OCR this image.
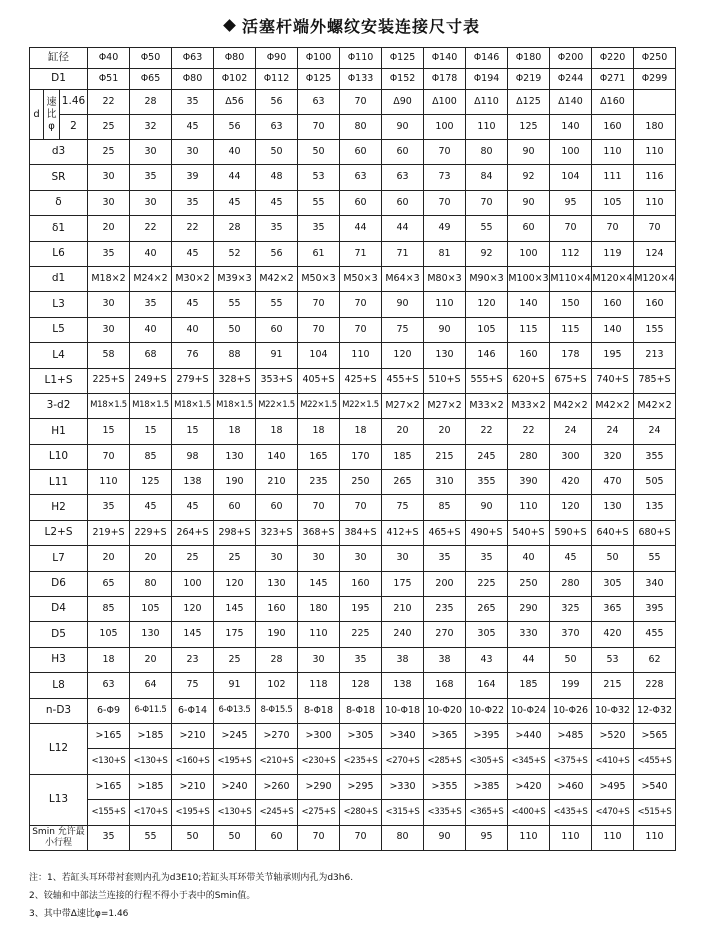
活塞杆端外螺纹安装连接尺寸表
缸径			Φ40	Φ50	Φ63	Φ80	Φ90	Φ100	Φ110	Φ125	Φ140	Φ146	Φ180	Φ200	Φ220	Φ250
D1			Φ51	Φ65	Φ80	Φ102	Φ112	Φ125	Φ133	Φ152	Φ178	Φ194	Φ219	Φ244	Φ271	Φ299
d	速比φ	1.46	22	28	35	Δ56	56	63	70	Δ90	Δ100	Δ110	Δ125	Δ140	Δ160	
		2	25	32	45	56	63	70	80	90	100	110	125	140	160	180
d3			25	30	30	40	50	50	60	60	70	80	90	100	110	110
SR			30	35	39	44	48	53	63	63	73	84	92	104	111	116
δ			30	30	35	45	45	55	60	60	70	70	90	95	105	110
δ1			20	22	22	28	35	35	44	44	49	55	60	70	70	70
L6			35	40	45	52	56	61	71	71	81	92	100	112	119	124
d1			M18×2	M24×2	M30×2	M39×3	M42×2	M50×3	M50×3	M64×3	M80×3	M90×3	M100×3	M110×4	M120×4	M120×4
L3			30	35	45	55	55	70	70	90	110	120	140	150	160	160
L5			30	40	40	50	60	70	70	75	90	105	115	115	140	155
L4			58	68	76	88	91	104	110	120	130	146	160	178	195	213
L1+S			225+S	249+S	279+S	328+S	353+S	405+S	425+S	455+S	510+S	555+S	620+S	675+S	740+S	785+S
3-d2			M18×1.5	M18×1.5	M18×1.5	M18×1.5	M22×1.5	M22×1.5	M22×1.5	M27×2	M27×2	M33×2	M33×2	M42×2	M42×2	M42×2
H1			15	15	15	18	18	18	18	20	20	22	22	24	24	24
L10			70	85	98	130	140	165	170	185	215	245	280	300	320	355
L11			110	125	138	190	210	235	250	265	310	355	390	420	470	505
H2			35	45	45	60	60	70	70	75	85	90	110	120	130	135
L2+S			219+S	229+S	264+S	298+S	323+S	368+S	384+S	412+S	465+S	490+S	540+S	590+S	640+S	680+S
L7			20	20	25	25	30	30	30	30	35	35	40	45	50	55
D6			65	80	100	120	130	145	160	175	200	225	250	280	305	340
D4			85	105	120	145	160	180	195	210	235	265	290	325	365	395
D5			105	130	145	175	190	110	225	240	270	305	330	370	420	455
H3			18	20	23	25	28	30	35	38	38	43	44	50	53	62
L8			63	64	75	91	102	118	128	138	168	164	185	199	215	228
n-D3			6-Φ9	6-Φ11.5	6-Φ14	6-Φ13.5	8-Φ15.5	8-Φ18	8-Φ18	10-Φ18	10-Φ20	10-Φ22	10-Φ24	10-Φ26	10-Φ32	12-Φ32
L12			>165	>185	>210	>245	>270	>300	>305	>340	>365	>395	>440	>485	>520	>565
			<130+S	<130+S	<160+S	<195+S	<210+S	<230+S	<235+S	<270+S	<285+S	<305+S	<345+S	<375+S	<410+S	<455+S
L13			>165	>185	>210	>240	>260	>290	>295	>330	>355	>385	>420	>460	>495	>540
			<155+S	<170+S	<195+S	<130+S	<245+S	<275+S	<280+S	<315+S	<335+S	<365+S	<400+S	<435+S	<470+S	<515+S

Smin 允许最
小行程			35	55	50	50	60	70	70	80	90	95	110	110	110	110
注：1、若缸头耳环带衬套则内孔为d3E10;若缸头耳环带关节轴承则内孔为d3h6.
2、铰轴和中部法兰连接的行程不得小于表中的Smin值。
3、其中带Δ速比φ=1.46
